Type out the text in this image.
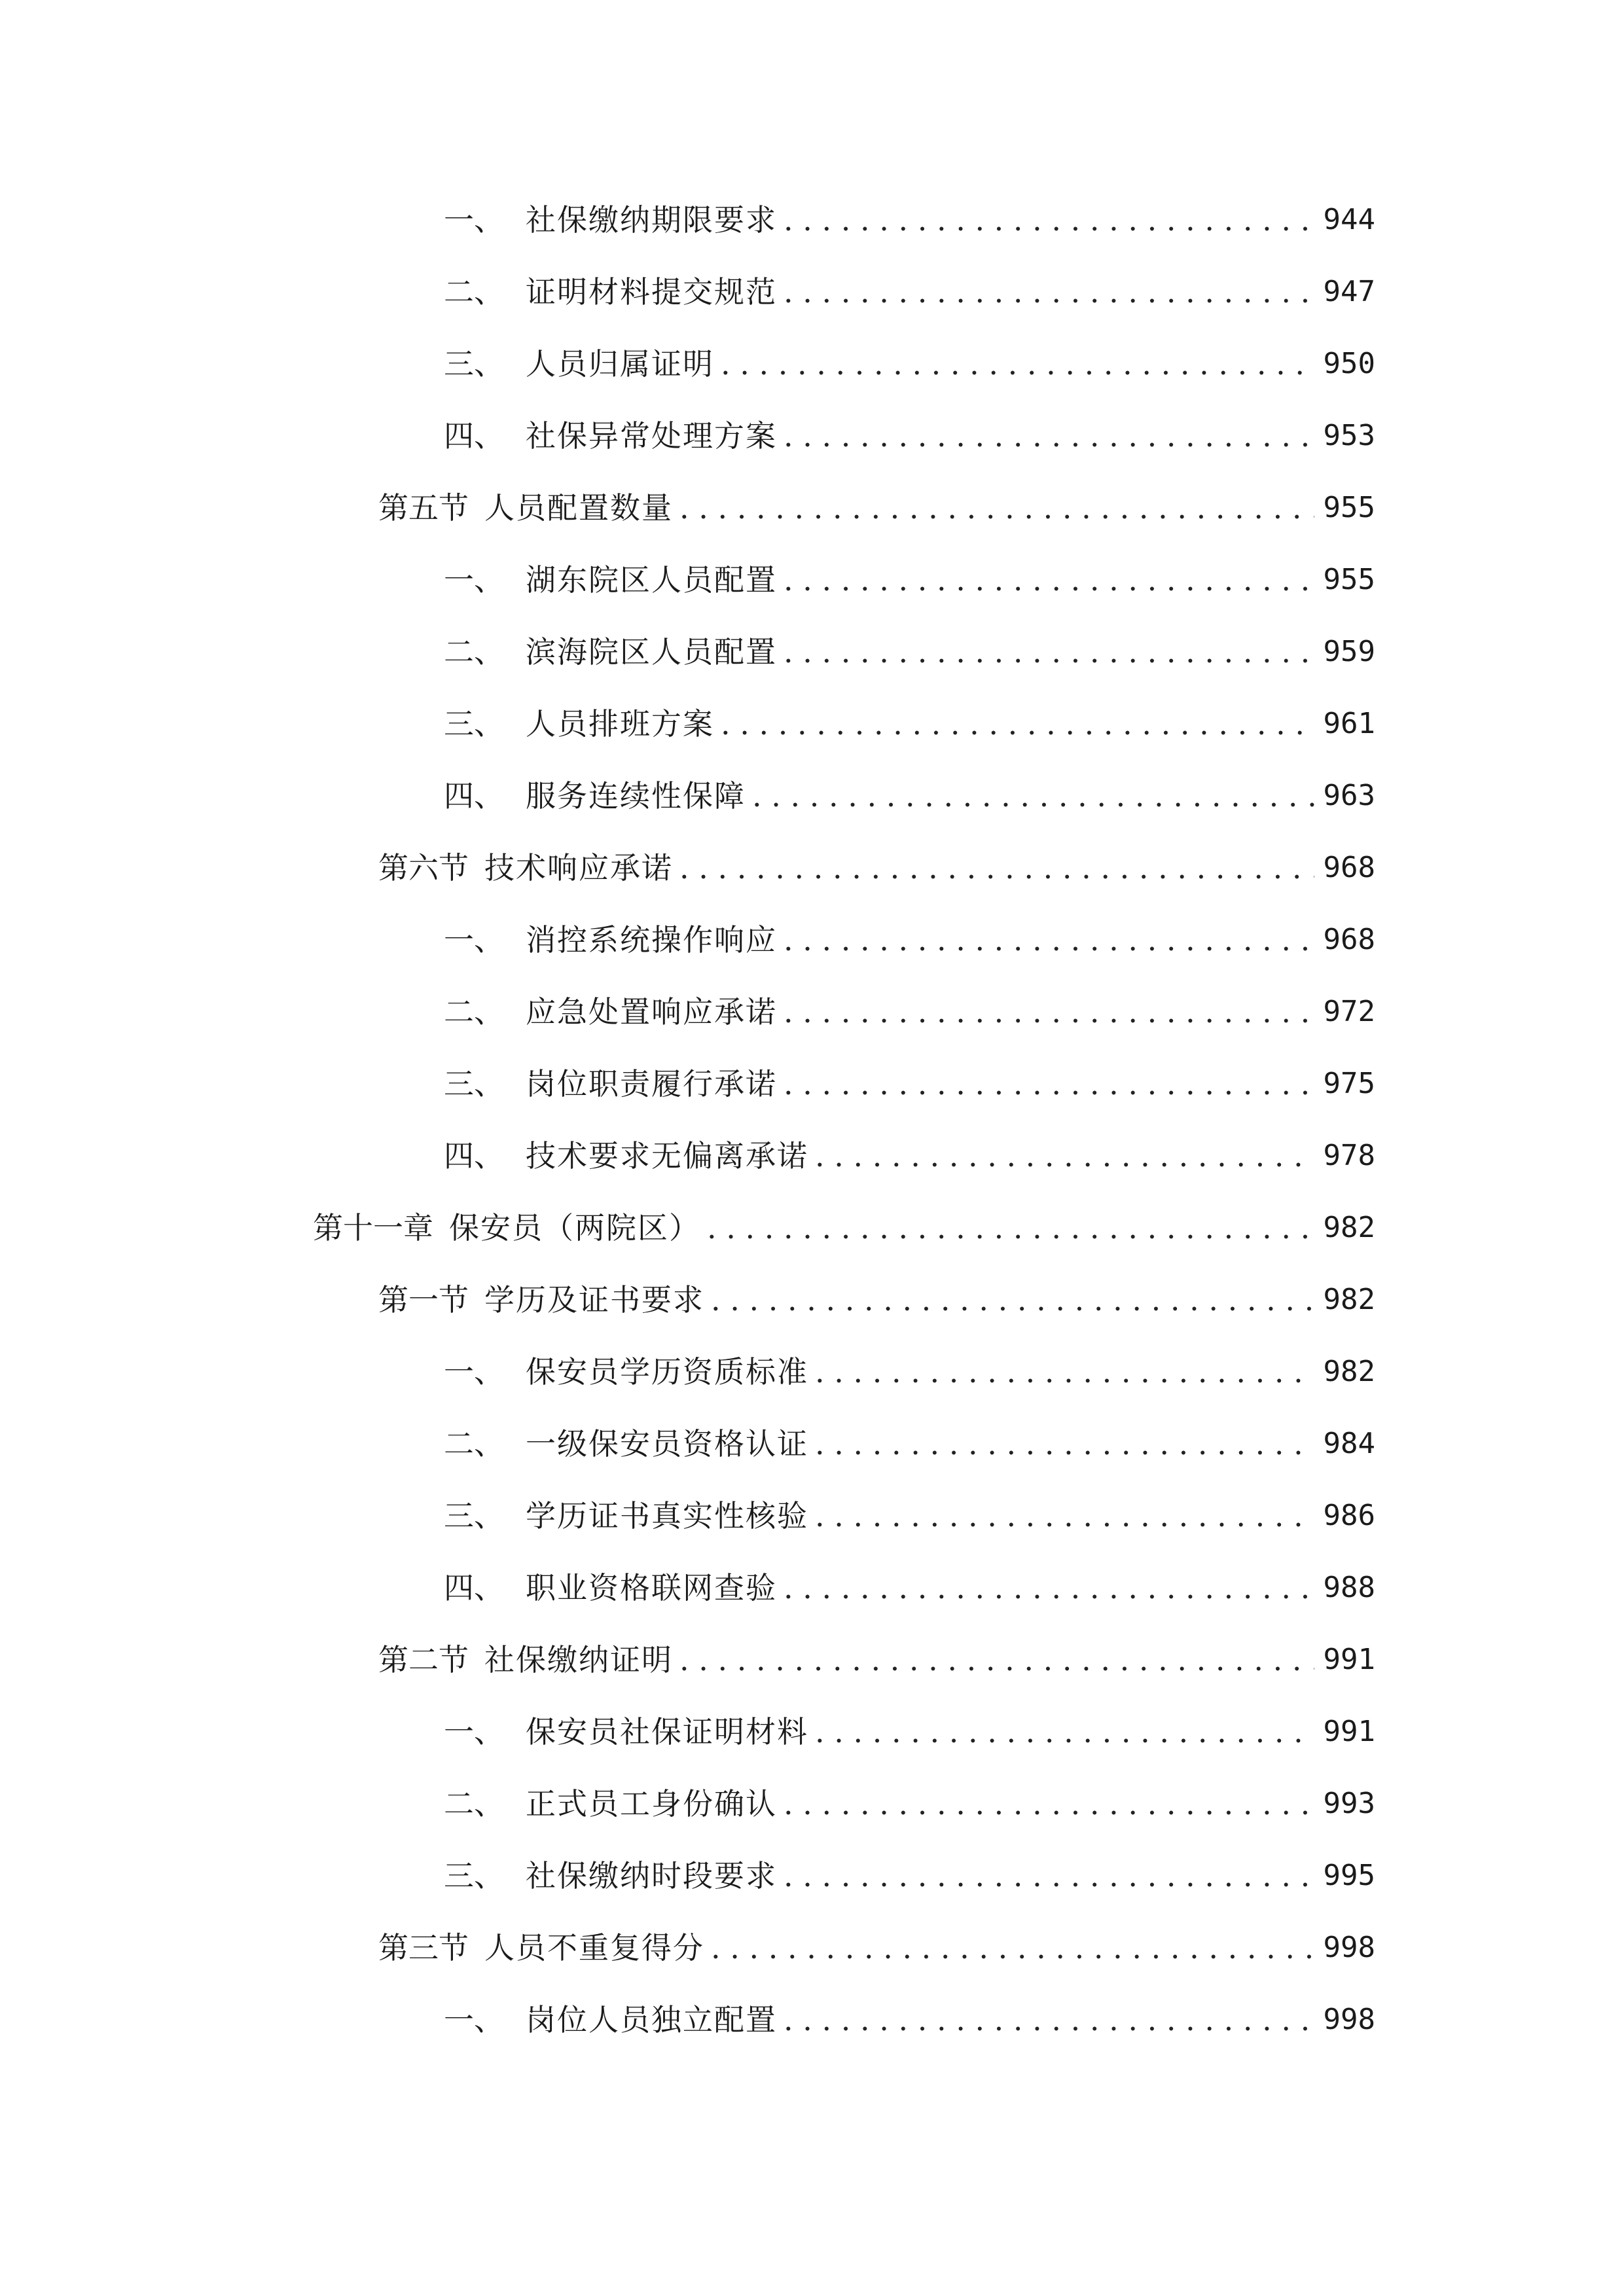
一、 社保缴纳期限要求 . . .	944
二、 证明材料提交规范 . . .	947
三、 人员归属证明 . . .	950
四、 社保异常处理方案 . . .	953
第五节 人员配置数量 . . .	955
一、 湖东院区人员配置 . . .	955
二、 滨海院区人员配置 . . .	959
三、 人员排班方案 . . .	961
四、 服务连续性保障 . . .	963
第六节 技术响应承诺 . . .	968
一、 消控系统操作响应 . . .	968
二、 应急处置响应承诺 . . .	972
三、 岗位职责履行承诺 . . .	975
四、 技术要求无偏离承诺 . . .	978
第十一章 保安员（两院区） . . .	982
第一节 学历及证书要求 . . .	982
一、 保安员学历资质标准 . . .	982
二、 一级保安员资格认证 . . .	984
三、 学历证书真实性核验 . . .	986
四、 职业资格联网查验 . . .	988
第二节 社保缴纳证明 . . .	991
一、 保安员社保证明材料 . . .	991
二、 正式员工身份确认 . . .	993
三、 社保缴纳时段要求 . . .	995
第三节 人员不重复得分 . . .	998
一、 岗位人员独立配置 . . .	998
